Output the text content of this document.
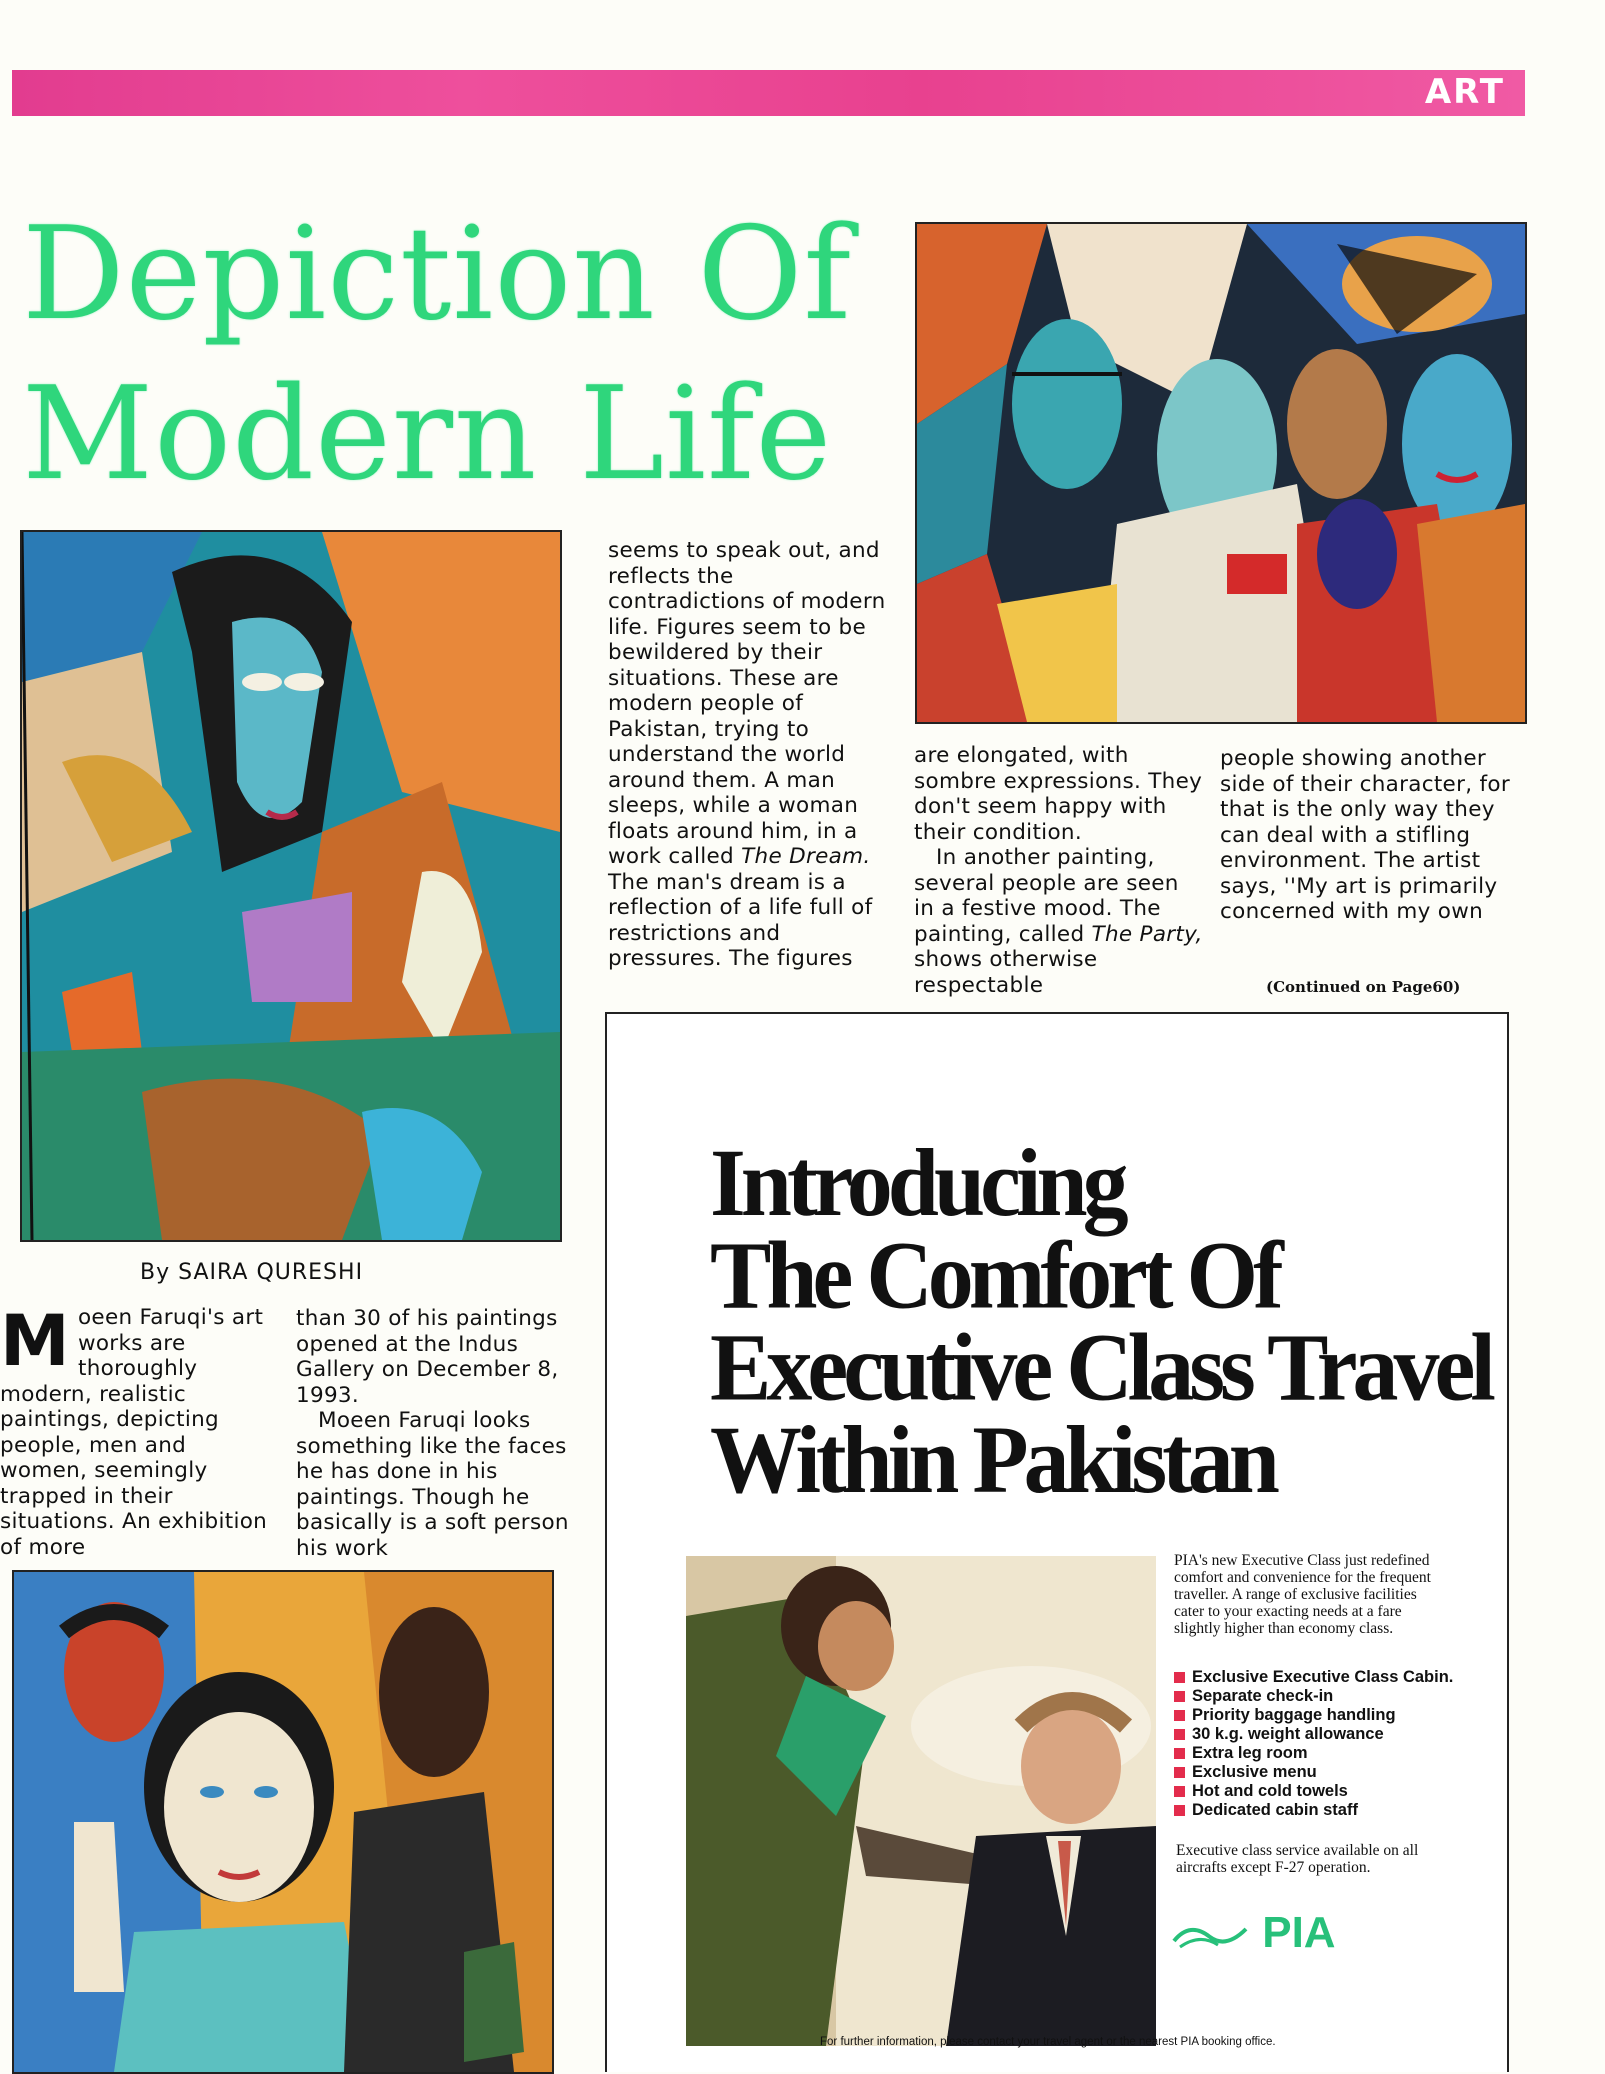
ART
Depiction Of
Modern Life

seems to speak out, and reflects the contradictions of modern life. Figures seem to be bewildered by their situations. These are modern people of Pakistan, trying to understand the world around them. A man sleeps, while a woman floats around him, in a work called The Dream. The man's dream is a reflection of a life full of restrictions and pressures. The figures

are elongated, with sombre expressions. They don't seem happy with their condition.

In another painting, several people are seen in a festive mood. The painting, called The Party, shows otherwise respectable

people showing another side of their character, for that is the only way they can deal with a stifling environment. The artist says, ''My art is primarily concerned with my own

(Continued on Page60)
By SAIRA QURESHI

Moeen Faruqi's art works are thoroughly modern, realistic paintings, depicting people, men and women, seemingly trapped in their situations. An exhibition of more

than 30 of his paintings opened at the Indus Gallery on December 8, 1993.

Moeen Faruqi looks something like the faces he has done in his paintings. Though he basically is a soft person his work

Introducing
The Comfort Of
Executive Class Travel
Within Pakistan
PIA's new Executive Class just redefined comfort and convenience for the frequent traveller. A range of exclusive facilities cater to your exacting needs at a fare slightly higher than economy class.
Exclusive Executive Class Cabin.
Separate check-in
Priority baggage handling
30 k.g. weight allowance
Extra leg room
Exclusive menu
Hot and cold towels
Dedicated cabin staff
Executive class service available on all aircrafts except F-27 operation.
PIA
For further information, please contact your travel agent or the nearest PIA booking office.
